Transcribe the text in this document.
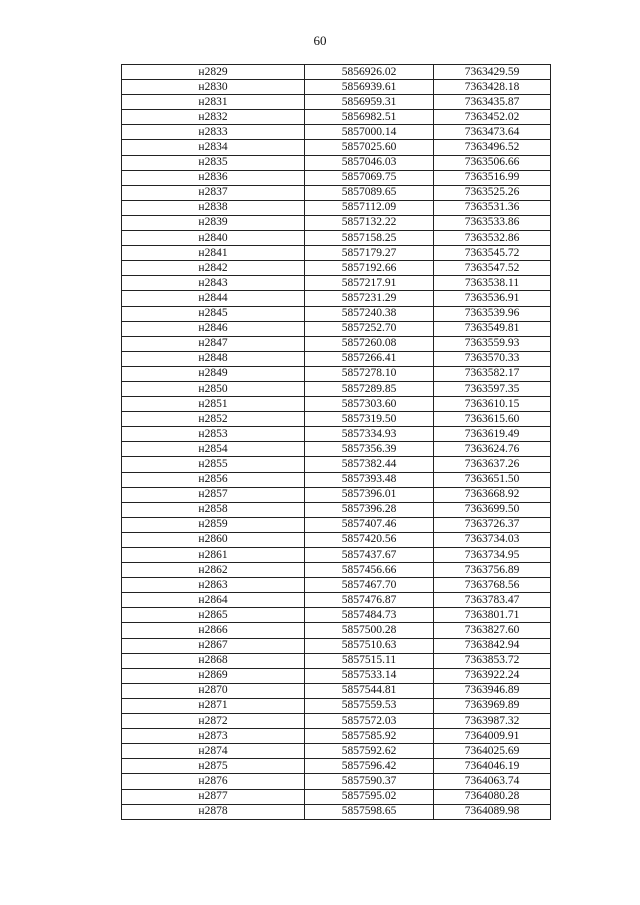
60
н2829	5856926.02	7363429.59
н2830	5856939.61	7363428.18
н2831	5856959.31	7363435.87
н2832	5856982.51	7363452.02
н2833	5857000.14	7363473.64
н2834	5857025.60	7363496.52
н2835	5857046.03	7363506.66
н2836	5857069.75	7363516.99
н2837	5857089.65	7363525.26
н2838	5857112.09	7363531.36
н2839	5857132.22	7363533.86
н2840	5857158.25	7363532.86
н2841	5857179.27	7363545.72
н2842	5857192.66	7363547.52
н2843	5857217.91	7363538.11
н2844	5857231.29	7363536.91
н2845	5857240.38	7363539.96
н2846	5857252.70	7363549.81
н2847	5857260.08	7363559.93
н2848	5857266.41	7363570.33
н2849	5857278.10	7363582.17
н2850	5857289.85	7363597.35
н2851	5857303.60	7363610.15
н2852	5857319.50	7363615.60
н2853	5857334.93	7363619.49
н2854	5857356.39	7363624.76
н2855	5857382.44	7363637.26
н2856	5857393.48	7363651.50
н2857	5857396.01	7363668.92
н2858	5857396.28	7363699.50
н2859	5857407.46	7363726.37
н2860	5857420.56	7363734.03
н2861	5857437.67	7363734.95
н2862	5857456.66	7363756.89
н2863	5857467.70	7363768.56
н2864	5857476.87	7363783.47
н2865	5857484.73	7363801.71
н2866	5857500.28	7363827.60
н2867	5857510.63	7363842.94
н2868	5857515.11	7363853.72
н2869	5857533.14	7363922.24
н2870	5857544.81	7363946.89
н2871	5857559.53	7363969.89
н2872	5857572.03	7363987.32
н2873	5857585.92	7364009.91
н2874	5857592.62	7364025.69
н2875	5857596.42	7364046.19
н2876	5857590.37	7364063.74
н2877	5857595.02	7364080.28
н2878	5857598.65	7364089.98
